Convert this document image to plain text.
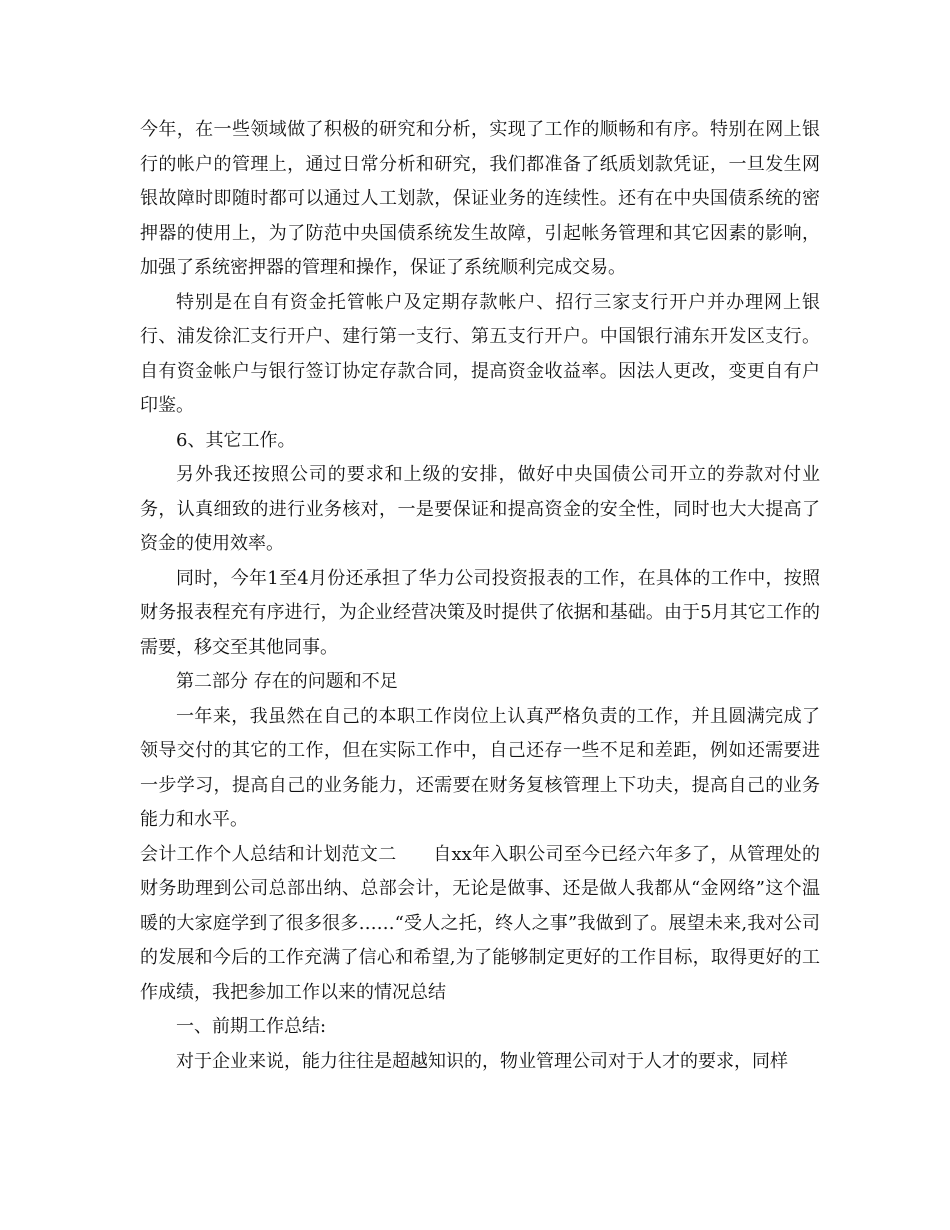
今年，在一些领域做了积极的研究和分析，实现了工作的顺畅和有序。特别在网上银行的帐户的管理上，通过日常分析和研究，我们都准备了纸质划款凭证，一旦发生网银故障时即随时都可以通过人工划款，保证业务的连续性。还有在中央国债系统的密押器的使用上，为了防范中央国债系统发生故障，引起帐务管理和其它因素的影响，加强了系统密押器的管理和操作，保证了系统顺利完成交易。

特别是在自有资金托管帐户及定期存款帐户、招行三家支行开户并办理网上银行、浦发徐汇支行开户、建行第一支行、第五支行开户。中国银行浦东开发区支行。自有资金帐户与银行签订协定存款合同，提高资金收益率。因法人更改，变更自有户印鉴。

6、其它工作。

另外我还按照公司的要求和上级的安排，做好中央国债公司开立的券款对付业务，认真细致的进行业务核对，一是要保证和提高资金的安全性，同时也大大提高了资金的使用效率。

同时，今年1至4月份还承担了华力公司投资报表的工作，在具体的工作中，按照财务报表程充有序进行，为企业经营决策及时提供了依据和基础。由于5月其它工作的需要，移交至其他同事。

第二部分 存在的问题和不足

一年来，我虽然在自己的本职工作岗位上认真严格负责的工作，并且圆满完成了领导交付的其它的工作，但在实际工作中，自己还存一些不足和差距，例如还需要进一步学习，提高自己的业务能力，还需要在财务复核管理上下功夫，提高自己的业务能力和水平。

会计工作个人总结和计划范文二　　自xx年入职公司至今已经六年多了，从管理处的财务助理到公司总部出纳、总部会计，无论是做事、还是做人我都从“金网络”这个温暖的大家庭学到了很多很多……“受人之托，终人之事”我做到了。展望未来,我对公司的发展和今后的工作充满了信心和希望,为了能够制定更好的工作目标，取得更好的工作成绩，我把参加工作以来的情况总结

一、前期工作总结:

对于企业来说，能力往往是超越知识的，物业管理公司对于人才的要求，同样
